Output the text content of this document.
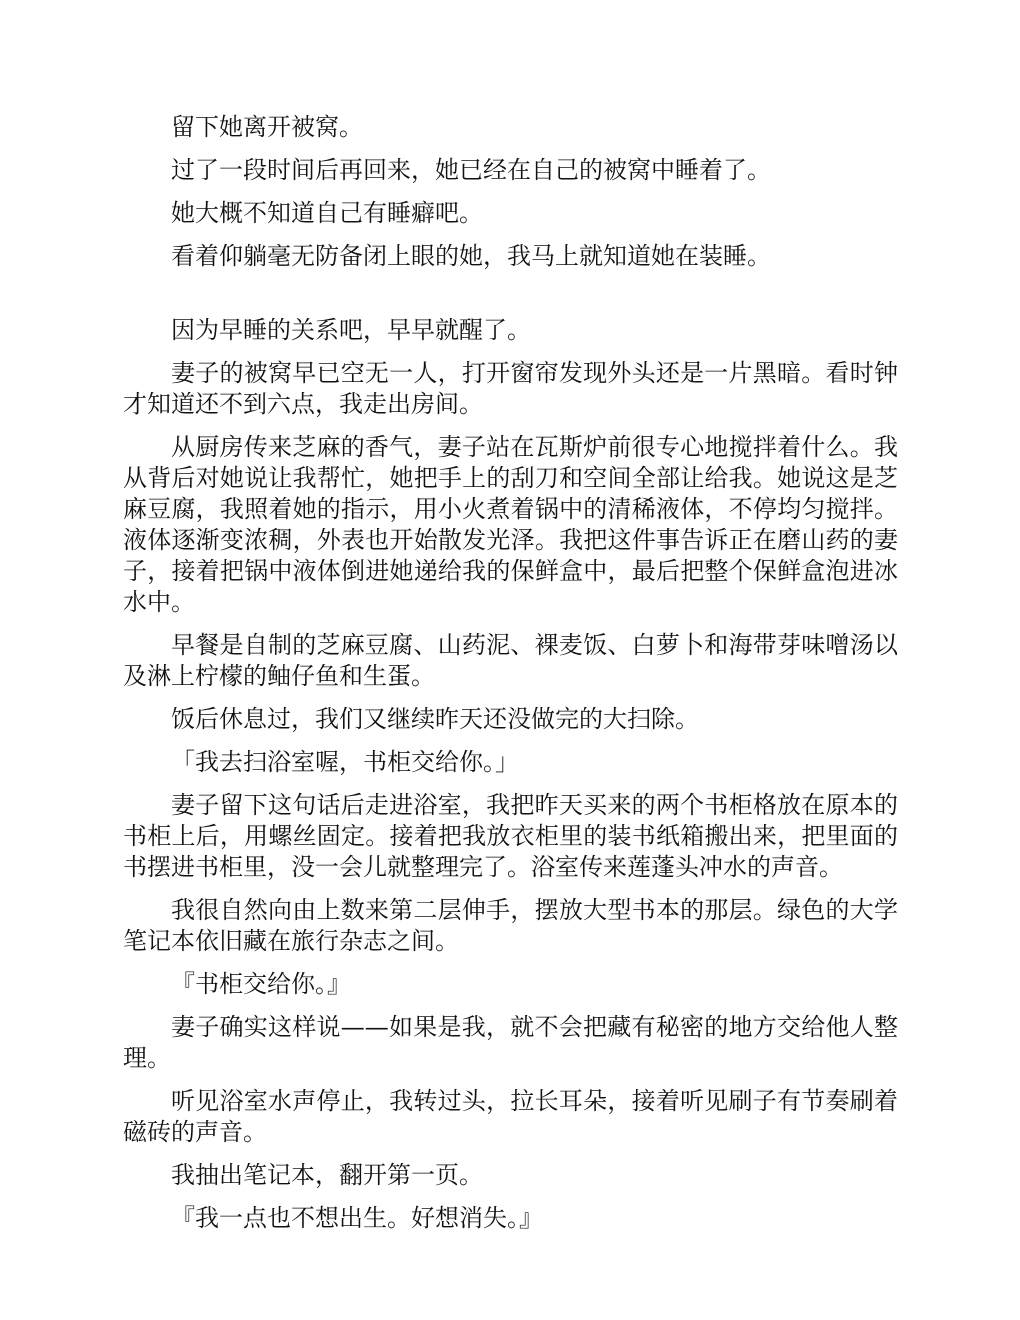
留下她离开被窝。

过了一段时间后再回来，她已经在自己的被窝中睡着了。

她大概不知道自己有睡癖吧。

看着仰躺毫无防备闭上眼的她，我马上就知道她在装睡。

因为早睡的关系吧，早早就醒了。

妻子的被窝早已空无一人，打开窗帘发现外头还是一片黑暗。看时钟才知道还不到六点，我走出房间。

从厨房传来芝麻的香气，妻子站在瓦斯炉前很专心地搅拌着什么。我从背后对她说让我帮忙，她把手上的刮刀和空间全部让给我。她说这是芝麻豆腐，我照着她的指示，用小火煮着锅中的清稀液体，不停均匀搅拌。液体逐渐变浓稠，外表也开始散发光泽。我把这件事告诉正在磨山药的妻子，接着把锅中液体倒进她递给我的保鲜盒中，最后把整个保鲜盒泡进冰水中。

早餐是自制的芝麻豆腐、山药泥、裸麦饭、白萝卜和海带芽味噌汤以及淋上柠檬的鲉仔鱼和生蛋。

饭后休息过，我们又继续昨天还没做完的大扫除。

「我去扫浴室喔，书柜交给你。」

妻子留下这句话后走进浴室，我把昨天买来的两个书柜格放在原本的书柜上后，用螺丝固定。接着把我放衣柜里的装书纸箱搬出来，把里面的书摆进书柜里，没一会儿就整理完了。浴室传来莲蓬头冲水的声音。

我很自然向由上数来第二层伸手，摆放大型书本的那层。绿色的大学笔记本依旧藏在旅行杂志之间。

『书柜交给你。』

妻子确实这样说——如果是我，就不会把藏有秘密的地方交给他人整理。

听见浴室水声停止，我转过头，拉长耳朵，接着听见刷子有节奏刷着磁砖的声音。

我抽出笔记本，翻开第一页。

『我一点也不想出生。好想消失。』
